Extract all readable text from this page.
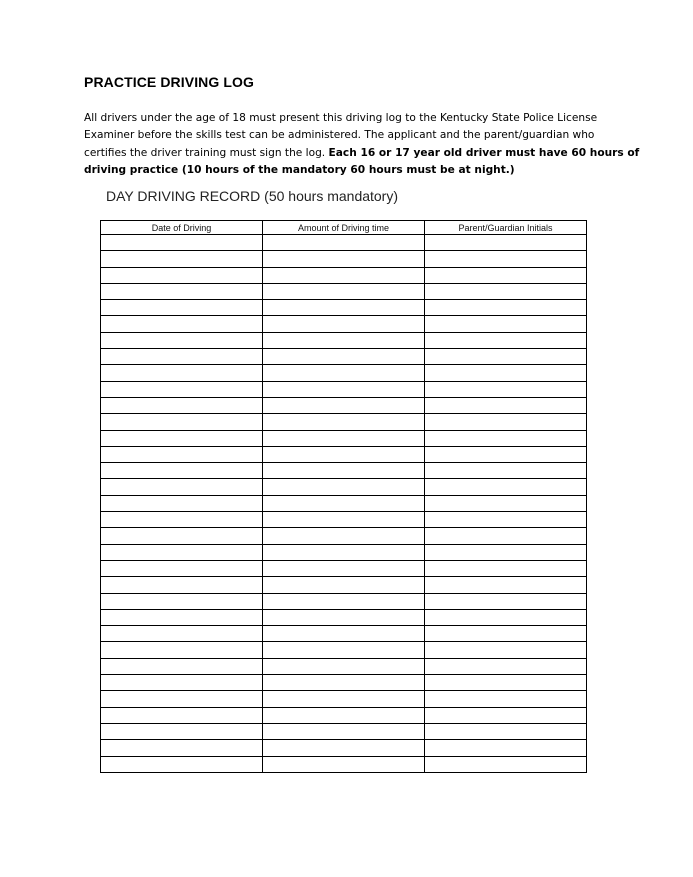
PRACTICE DRIVING LOG
All drivers under the age of 18 must present this driving log to the Kentucky State Police License
Examiner before the skills test can be administered. The applicant and the parent/guardian who
certifies the driver training must sign the log. Each 16 or 17 year old driver must have 60 hours of
driving practice (10 hours of the mandatory 60 hours must be at night.)
DAY DRIVING RECORD (50 hours mandatory)
Date of Driving	Amount of Driving time	Parent/Guardian Initials
